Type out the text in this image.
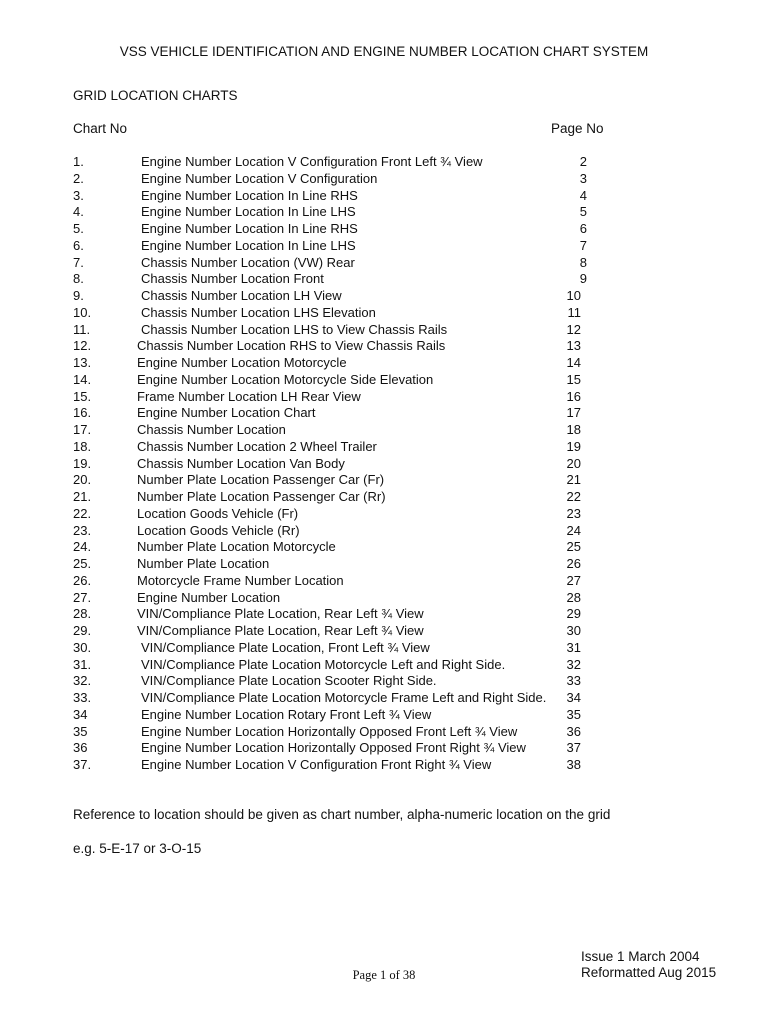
VSS VEHICLE IDENTIFICATION AND ENGINE NUMBER LOCATION CHART SYSTEM
GRID LOCATION CHARTS
Chart No	Page No
1.	Engine Number Location V Configuration Front Left ¾ View	2
2.	Engine Number Location V Configuration	3
3.	Engine Number Location In Line RHS	4
4.	Engine Number Location In Line LHS	5
5.	Engine Number Location In Line RHS	6
6.	Engine Number Location In Line LHS	7
7.	Chassis Number Location (VW) Rear	8
8.	Chassis Number Location Front	9
9.	Chassis Number Location LH View	10
10.	Chassis Number Location LHS Elevation	11
11.	Chassis Number Location LHS to View Chassis Rails	12
12.	Chassis Number Location RHS to View Chassis Rails	13
13.	Engine Number Location Motorcycle	14
14.	Engine Number Location Motorcycle Side Elevation	15
15.	Frame Number Location LH Rear View	16
16.	Engine Number Location Chart	17
17.	Chassis Number Location	18
18.	Chassis Number Location 2 Wheel Trailer	19
19.	Chassis Number Location Van Body	20
20.	Number Plate Location Passenger Car (Fr)	21
21.	Number Plate Location Passenger Car (Rr)	22
22.	Location Goods Vehicle (Fr)	23
23.	Location Goods Vehicle (Rr)	24
24.	Number Plate Location Motorcycle	25
25.	Number Plate Location	26
26.	Motorcycle Frame Number Location	27
27.	Engine Number Location	28
28.	VIN/Compliance Plate Location, Rear Left ¾ View	29
29.	VIN/Compliance Plate Location, Rear Left ¾ View	30
30.	VIN/Compliance Plate Location, Front Left ¾ View	31
31.	VIN/Compliance Plate Location Motorcycle Left and Right Side.	32
32.	VIN/Compliance Plate Location Scooter Right Side.	33
33.	VIN/Compliance Plate Location Motorcycle Frame Left and Right Side.	34
34	Engine Number Location Rotary Front Left ¾ View	35
35	Engine Number Location Horizontally Opposed Front Left ¾ View	36
36	Engine Number Location Horizontally Opposed Front Right ¾ View	37
37.	Engine Number Location V Configuration Front Right ¾ View	38
Reference to location should be given as chart number, alpha-numeric location on the grid
e.g. 5-E-17 or 3-O-15
Issue 1 March 2004
Reformatted Aug 2015
Page 1 of 38
